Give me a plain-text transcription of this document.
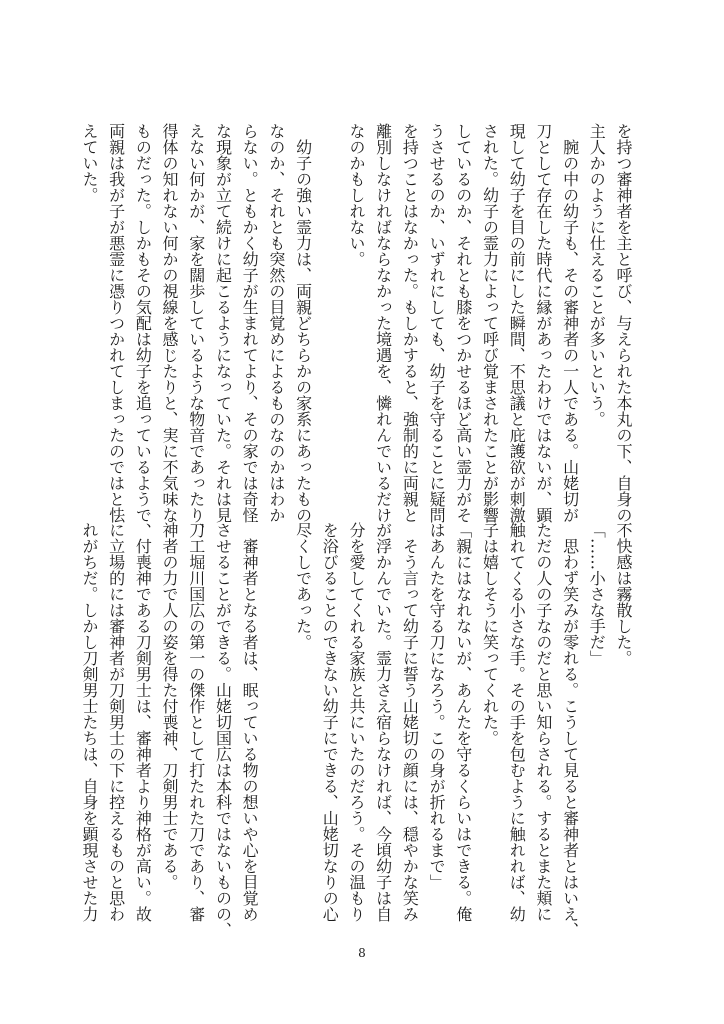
を持つ審神者を主と呼び、与えられた本丸の下、自身の

主人かのように仕えることが多いという。

　腕の中の幼子も、その審神者の一人である。山姥切が

刀として存在した時代に縁があったわけではないが、顕

現して幼子を目の前にした瞬間、不思議と庇護欲が刺激

された。幼子の霊力によって呼び覚まされたことが影響

しているのか、それとも膝をつかせるほど高い霊力がそ

うさせるのか、いずれにしても、幼子を守ることに疑問

を持つことはなかった。もしかすると、強制的に両親と

離別しなければならなかった境遇を、憐れんでいるだけ

なのかもしれない。

　幼子の強い霊力は、両親どちらかの家系にあったもの

なのか、それとも突然の目覚めによるものなのかはわか

らない。ともかく幼子が生まれてより、その家では奇怪

な現象が立て続けに起こるようになっていた。それは見

えない何かが、家を闊歩しているような物音であったり、

得体の知れない何かの視線を感じたりと、実に不気味な

ものだった。しかもその気配は幼子を追っているようで、

両親は我が子が悪霊に憑りつかれてしまったのではと怯

えていた。

不快感は霧散した。

「……小さな手だ」

　思わず笑みが零れる。こうして見ると審神者とはいえ、

ただの人の子なのだと思い知らされる。するとまた頬に

触れてくる小さな手。その手を包むように触れれば、幼

子は嬉しそうに笑ってくれた。

「親にはなれないが、あんたを守るくらいはできる。俺

はあんたを守る刀になろう。この身が折れるまで」

　そう言って幼子に誓う山姥切の顔には、穏やかな笑み

が浮かんでいた。霊力さえ宿らなければ、今頃幼子は自

分を愛してくれる家族と共にいたのだろう。その温もり

を浴びることのできない幼子にできる、山姥切なりの心

尽くしであった。

　審神者となる者は、眠っている物の想いや心を目覚め

させることができる。山姥切国広は本科ではないものの、

刀工堀川国広の第一の傑作として打たれた刀であり、審

神者の力で人の姿を得た付喪神、刀剣男士である。

　付喪神である刀剣男士は、審神者より神格が高い。故

に立場的には審神者が刀剣男士の下に控えるものと思わ

れがちだ。しかし刀剣男士たちは、自身を顕現させた力

8
